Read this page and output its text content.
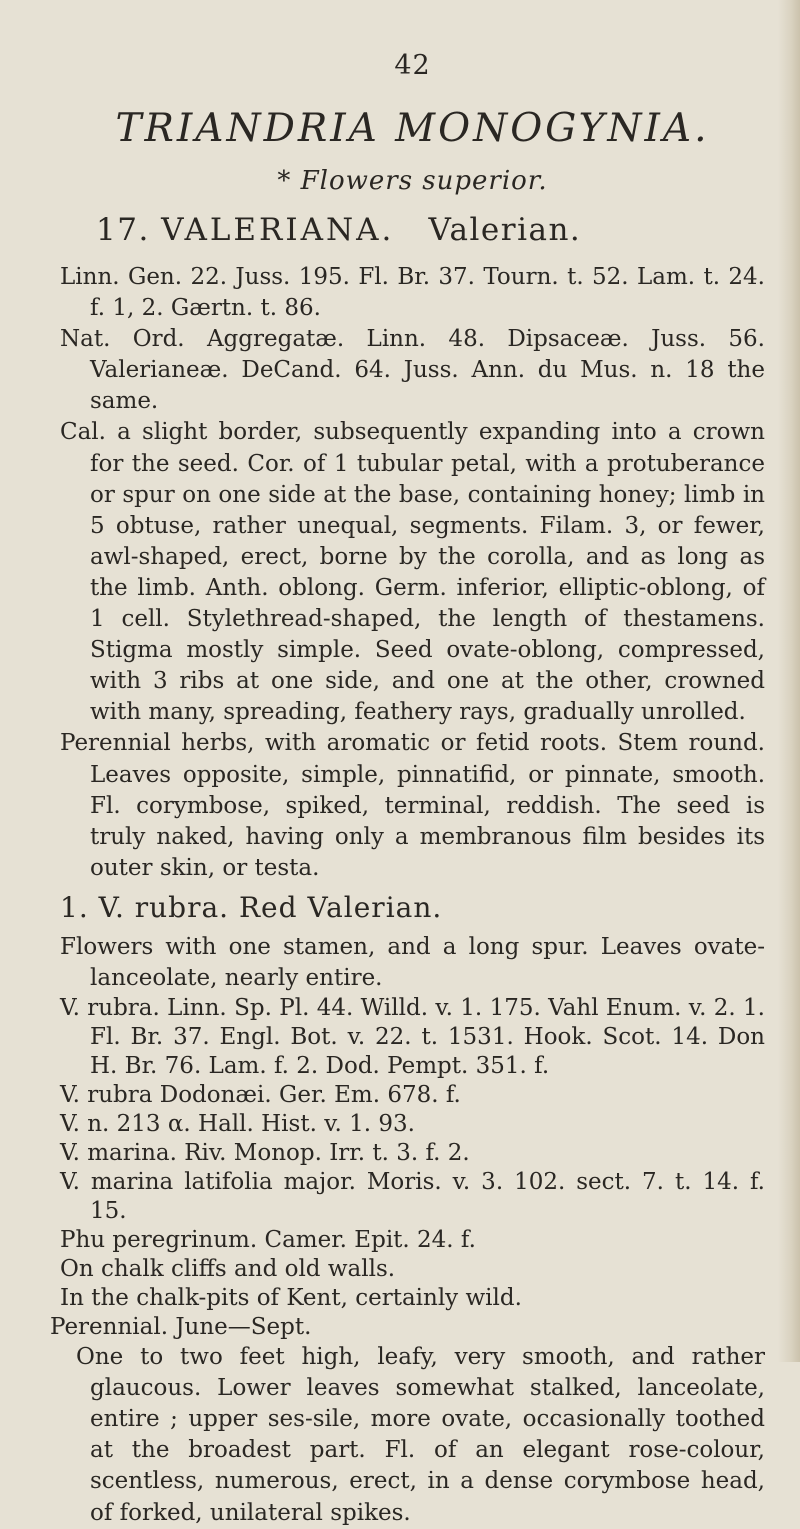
42
TRIANDRIA MONOGYNIA.
* Flowers superior.
17. VALERIANA. Valerian.

Linn. Gen. 22. Juss. 195. Fl. Br. 37. Tourn. t. 52. Lam. t. 24. f. 1, 2. Gærtn. t. 86.

Nat. Ord. Aggregatæ. Linn. 48. Dipsaceæ. Juss. 56. Valerianeæ. DeCand. 64. Juss. Ann. du Mus. n. 18 the same.

Cal. a slight border, subsequently expanding into a crown for the seed. Cor. of 1 tubular petal, with a protuberance or spur on one side at the base, containing honey; limb in 5 obtuse, rather unequal, segments. Filam. 3, or fewer, awl-shaped, erect, borne by the corolla, and as long as the limb. Anth. oblong. Germ. inferior, elliptic-oblong, of 1 cell. Stylethread-shaped, the length of thestamens. Stigma mostly simple. Seed ovate-oblong, compressed, with 3 ribs at one side, and one at the other, crowned with many, spreading, feathery rays, gradually unrolled.

Perennial herbs, with aromatic or fetid roots. Stem round. Leaves opposite, simple, pinnatifid, or pinnate, smooth. Fl. corymbose, spiked, terminal, reddish. The seed is truly naked, having only a membranous film besides its outer skin, or testa.

1. V. rubra. Red Valerian.

Flowers with one stamen, and a long spur. Leaves ovate-lanceolate, nearly entire.

V. rubra. Linn. Sp. Pl. 44. Willd. v. 1. 175. Vahl Enum. v. 2. 1. Fl. Br. 37. Engl. Bot. v. 22. t. 1531. Hook. Scot. 14. Don H. Br. 76. Lam. f. 2. Dod. Pempt. 351. f.

V. rubra Dodonæi. Ger. Em. 678. f.

V. n. 213 α. Hall. Hist. v. 1. 93.

V. marina. Riv. Monop. Irr. t. 3. f. 2.

V. marina latifolia major. Moris. v. 3. 102. sect. 7. t. 14. f. 15.

Phu peregrinum. Camer. Epit. 24. f.

On chalk cliffs and old walls.

In the chalk-pits of Kent, certainly wild.

Perennial. June—Sept.

One to two feet high, leafy, very smooth, and rather glaucous. Lower leaves somewhat stalked, lanceolate, entire ; upper ses-sile, more ovate, occasionally toothed at the broadest part. Fl. of an elegant rose-colour, scentless, numerous, erect, in a dense corymbose head, of forked, unilateral spikes.
